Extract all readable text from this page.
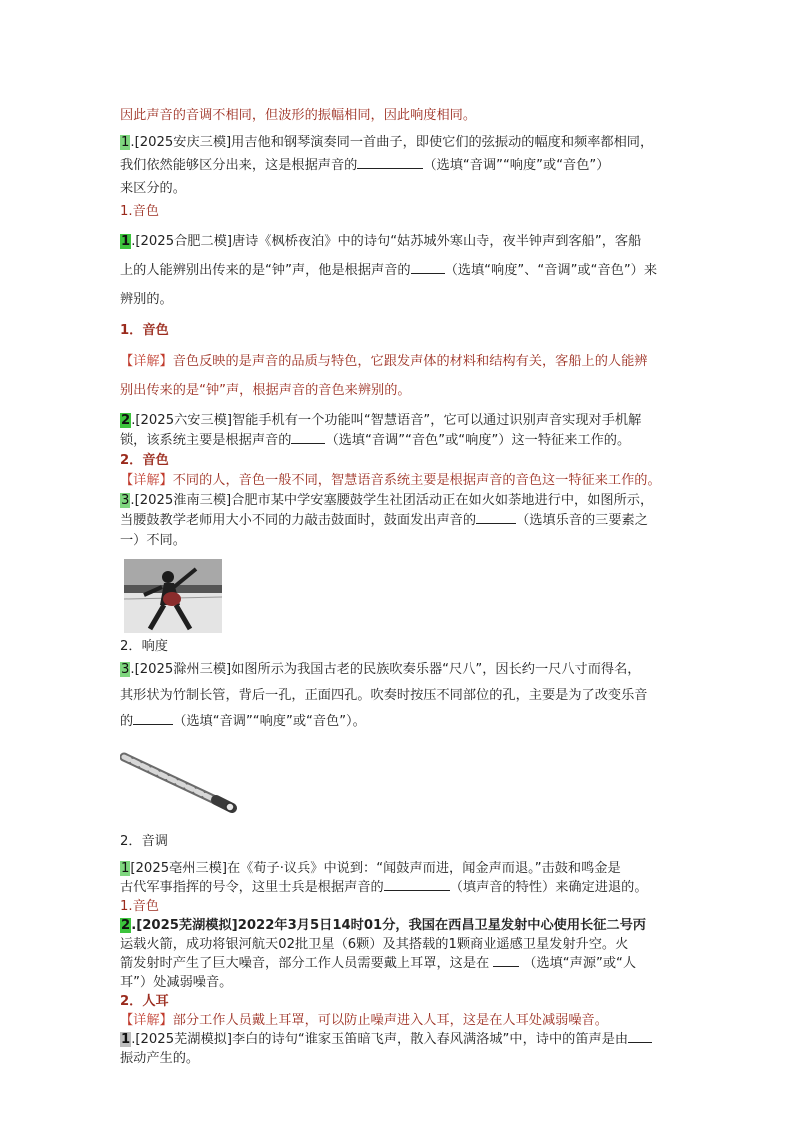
因此声音的音调不相同，但波形的振幅相同，因此响度相同。
1.[2025安庆三模]用吉他和钢琴演奏同一首曲子，即使它们的弦振动的幅度和频率都相同，
我们依然能够区分出来，这是根据声音的	（选填“音调”“响度”或“音色”）
来区分的。
1.音色
1.[2025合肥二模]唐诗《枫桥夜泊》中的诗句“姑苏城外寒山寺，夜半钟声到客船”，客船
上的人能辨别出传来的是“钟”声，他是根据声音的	（选填“响度”、“音调”或“音色”）来
辨别的。
1．音色
【详解】音色反映的是声音的品质与特色，它跟发声体的材料和结构有关，客船上的人能辨
别出传来的是“钟”声，根据声音的音色来辨别的。
2.[2025六安三模]智能手机有一个功能叫“智慧语音”，它可以通过识别声音实现对手机解
锁，该系统主要是根据声音的	（选填“音调”“音色”或“响度”）这一特征来工作的。
2．音色
【详解】不同的人，音色一般不同，智慧语音系统主要是根据声音的音色这一特征来工作的。
3.[2025淮南三模]合肥市某中学安塞腰鼓学生社团活动正在如火如荼地进行中，如图所示，
当腰鼓教学老师用大小不同的力敲击鼓面时，鼓面发出声音的	（选填乐音的三要素之
一）不同。
2．响度
3.[2025滁州三模]如图所示为我国古老的民族吹奏乐器“尺八”，因长约一尺八寸而得名，
其形状为竹制长管，背后一孔，正面四孔。吹奏时按压不同部位的孔，主要是为了改变乐音
的	（选填“音调”“响度”或“音色”）。
2．音调
1[2025亳州三模]在《荀子·议兵》中说到：“闻鼓声而进，闻金声而退。”击鼓和鸣金是
古代军事指挥的号令，这里士兵是根据声音的	（填声音的特性）来确定进退的。
1.音色
2.[2025芜湖模拟]2022年3月5日14时01分，我国在西昌卫星发射中心使用长征二号丙
运载火箭，成功将银河航天02批卫星（6颗）及其搭载的1颗商业遥感卫星发射升空。火
箭发射时产生了巨大噪音，部分工作人员需要戴上耳罩，这是在	（选填“声源”或“人
耳”）处减弱噪音。
2．人耳
【详解】部分工作人员戴上耳罩，可以防止噪声进入人耳，这是在人耳处减弱噪音。
1.[2025芜湖模拟]李白的诗句“谁家玉笛暗飞声，散入春风满洛城”中，诗中的笛声是由
振动产生的。
